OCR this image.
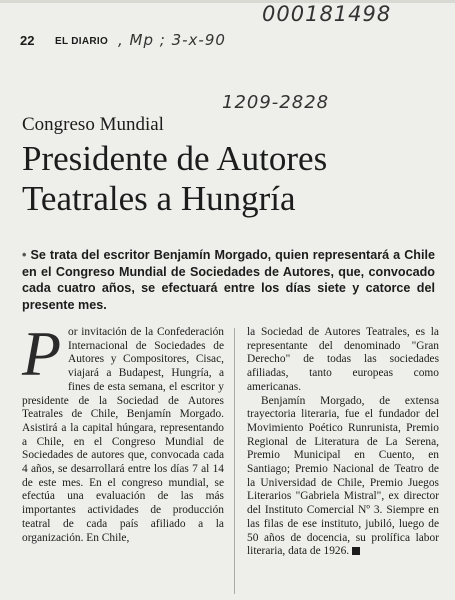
000181498
22 EL DIARIO , Mp ; 3-x-90
1209-2828
Congreso Mundial
Presidente de Autores
Teatrales a Hungría
• Se trata del escritor Benjamín Morgado, quien representará a Chile en el Congreso Mundial de Sociedades de Autores, que, convocado cada cuatro años, se efectuará entre los días siete y catorce del presente mes.

Por invitación de la Confederación Internacional de Sociedades de Autores y Compositores, Cisac, viajará a Budapest, Hungría, a fines de esta semana, el escritor y presidente de la Sociedad de Autores Teatrales de Chile, Benjamín Morgado. Asistirá a la capital húngara, representando a Chile, en el Congreso Mundial de Sociedades de autores que, convocada cada 4 años, se desarrollará entre los días 7 al 14 de este mes. En el congreso mundial, se efectúa una evaluación de las más importantes actividades de producción teatral de cada país afiliado a la organización. En Chile,

la Sociedad de Autores Teatrales, es la representante del denominado "Gran Derecho" de todas las sociedades afiliadas, tanto europeas como americanas.

Benjamín Morgado, de extensa trayectoria literaria, fue el fundador del Movimiento Poético Runrunista, Premio Regional de Literatura de La Serena, Premio Municipal en Cuento, en Santiago; Premio Nacional de Teatro de la Universidad de Chile, Premio Juegos Literarios "Gabriela Mistral", ex director del Instituto Comercial Nº 3. Siempre en las filas de ese instituto, jubiló, luego de 50 años de docencia, su prolífica labor literaria, data de 1926.
